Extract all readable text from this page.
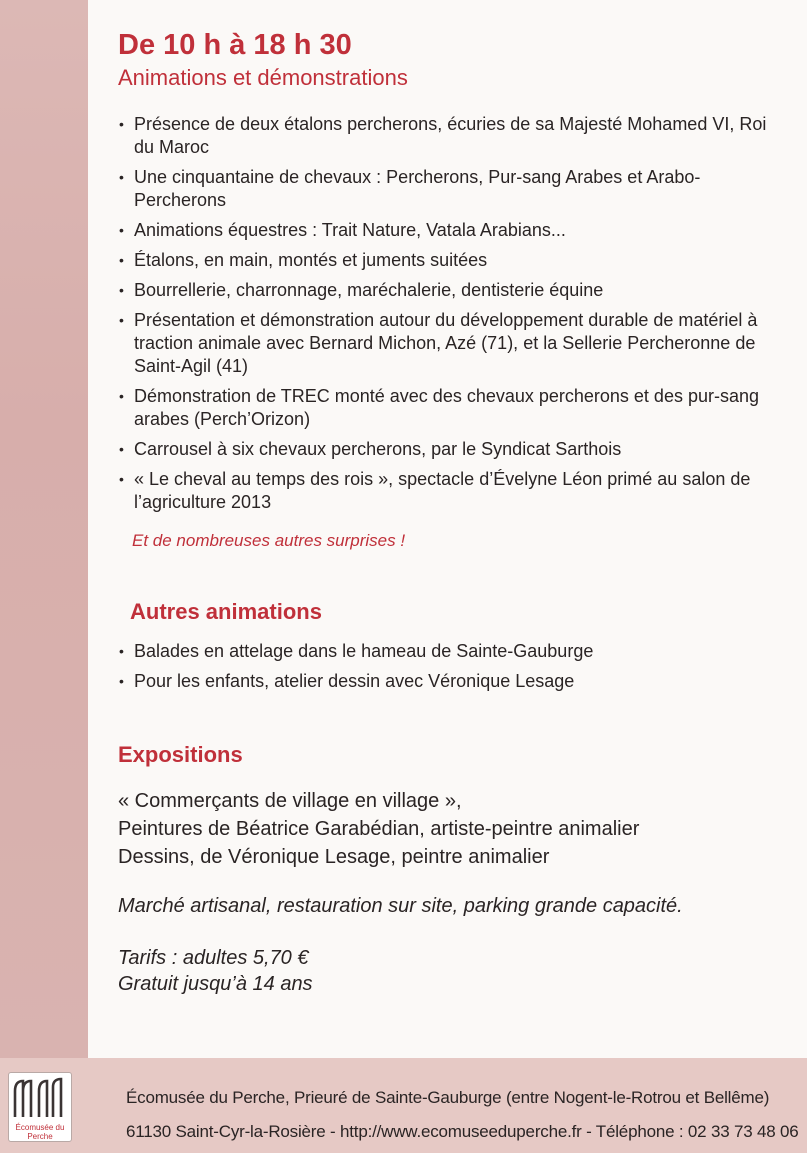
De 10 h à 18 h 30
Animations et démonstrations
• Présence de deux étalons percherons, écuries de sa Majesté Mohamed VI, Roi du Maroc
• Une cinquantaine de chevaux : Percherons, Pur-sang Arabes et Arabo-Percherons
• Animations équestres : Trait Nature, Vatala Arabians...
• Étalons, en main, montés et juments suitées
• Bourrellerie, charronnage, maréchalerie, dentisterie équine
• Présentation et démonstration autour du développement durable de matériel à traction animale avec Bernard Michon, Azé (71), et la Sellerie Percheronne de Saint-Agil (41)
• Démonstration de TREC monté avec des chevaux percherons et des pur-sang arabes (Perch’Orizon)
• Carrousel à six chevaux percherons, par le Syndicat Sarthois
• « Le cheval au temps des rois », spectacle d’Évelyne Léon primé au salon de l’agriculture 2013
Et de nombreuses autres surprises !
Autres animations
• Balades en attelage dans le hameau de Sainte-Gauburge
• Pour les enfants, atelier dessin avec Véronique Lesage
Expositions
« Commerçants de village en village »,
Peintures de Béatrice Garabédian, artiste-peintre animalier
Dessins, de Véronique Lesage, peintre animalier
Marché artisanal, restauration sur site, parking grande capacité.
Tarifs : adultes 5,70 €
Gratuit jusqu’à 14 ans
Écomusée du Perche
Écomusée du Perche, Prieuré de Sainte-Gauburge (entre Nogent-le-Rotrou et Bellême)
61130 Saint-Cyr-la-Rosière - http://www.ecomuseeduperche.fr - Téléphone : 02 33 73 48 06
